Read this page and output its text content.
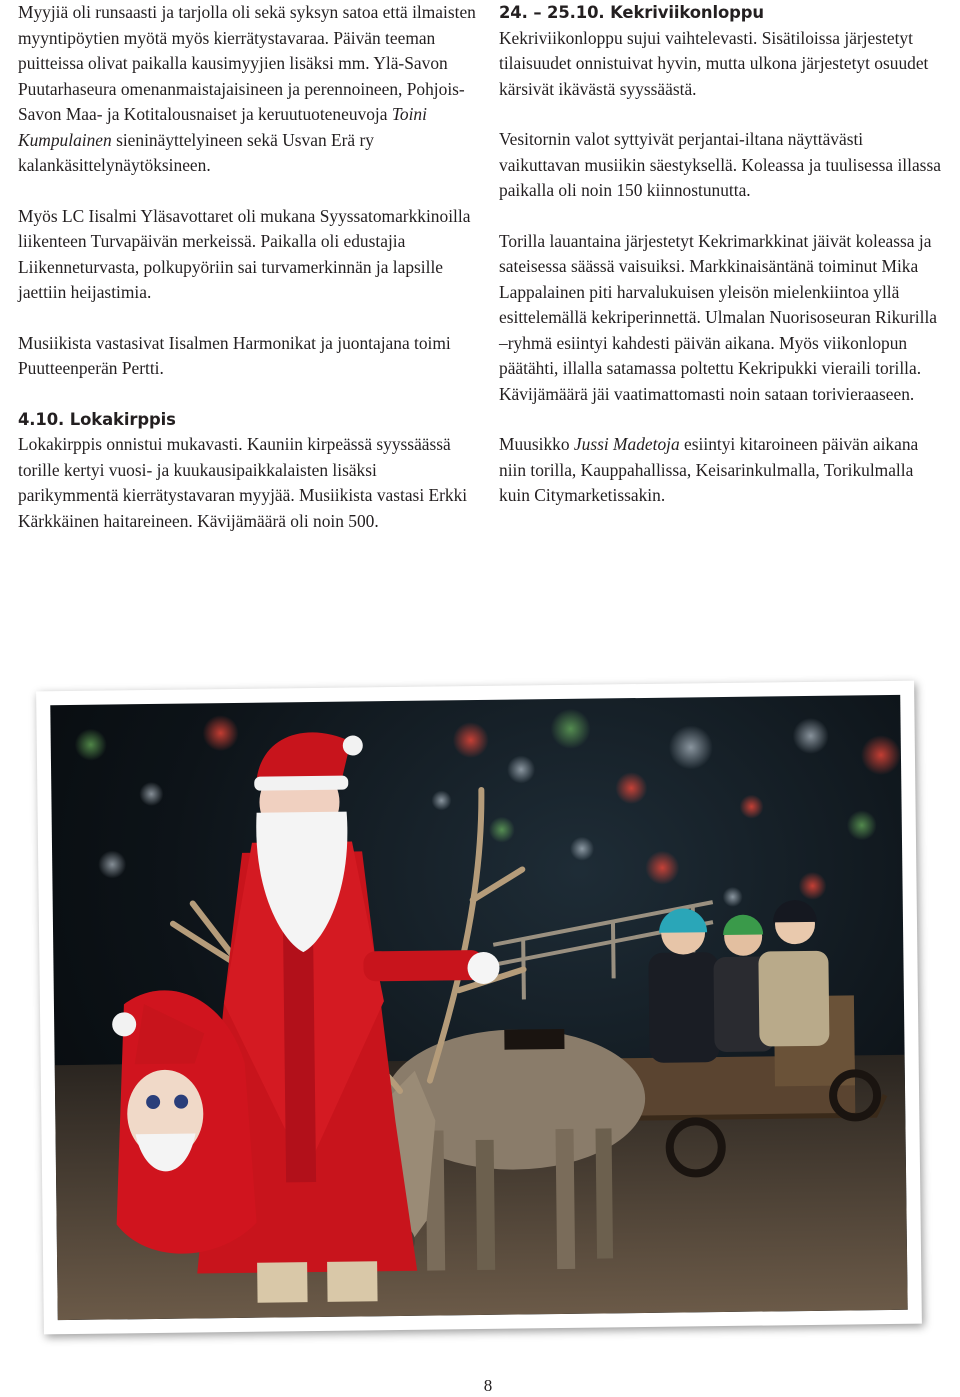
Myyjiä oli runsaasti ja tarjolla oli sekä syksyn satoa että ilmaisten myyntipöytien myötä myös kierrätystavaraa. Päivän teeman puitteissa olivat paikalla kausimyyjien lisäksi mm. Ylä-Savon Puutarhaseura omenanmaistajaisineen ja perennoineen, Pohjois-Savon Maa- ja Kotitalousnaiset ja keruutuoteneuvoja Toini Kumpulainen sieninäyttelyineen sekä Usvan Erä ry kalankäsittelynäytöksineen.

Myös LC Iisalmi Yläsavottaret oli mukana Syyssatomarkkinoilla liikenteen Turvapäivän merkeissä. Paikalla oli edustajia Liikenneturvasta, polkupyöriin sai turvamerkinnän ja lapsille jaettiin heijastimia.

Musiikista vastasivat Iisalmen Harmonikat ja juontajana toimi Puutteenperän Pertti.

4.10. Lokakirppis

Lokakirppis onnistui mukavasti. Kauniin kirpeässä syyssäässä torille kertyi vuosi- ja kuukausipaikkalaisten lisäksi parikymmentä kierrätystavaran myyjää. Musiikista vastasi Erkki Kärkkäinen haitareineen. Kävijämäärä oli noin 500.

24. – 25.10. Kekriviikonloppu

Kekriviikonloppu sujui vaihtelevasti. Sisätiloissa järjestetyt tilaisuudet onnistuivat hyvin, mutta ulkona järjestetyt osuudet kärsivät ikävästä syyssäästä.

Vesitornin valot syttyivät perjantai-iltana näyttävästi vaikuttavan musiikin säestyksellä. Koleassa ja tuulisessa illassa paikalla oli noin 150 kiinnostunutta.

Torilla lauantaina järjestetyt Kekrimarkkinat jäivät koleassa ja sateisessa säässä vaisuiksi. Markkinaisäntänä toiminut Mika Lappalainen piti harvalukuisen yleisön mielenkiintoa yllä esittelemällä kekriperinnettä. Ulmalan Nuorisoseuran Rikurilla –ryhmä esiintyi kahdesti päivän aikana. Myös viikonlopun päätähti, illalla satamassa poltettu Kekripukki vieraili torilla. Kävijämäärä jäi vaatimattomasti noin sataan torivieraaseen.

Muusikko Jussi Madetoja esiintyi kitaroineen päivän aikana niin torilla, Kauppahallissa, Keisarinkulmalla, Torikulmalla kuin Citymarketissakin.

8
